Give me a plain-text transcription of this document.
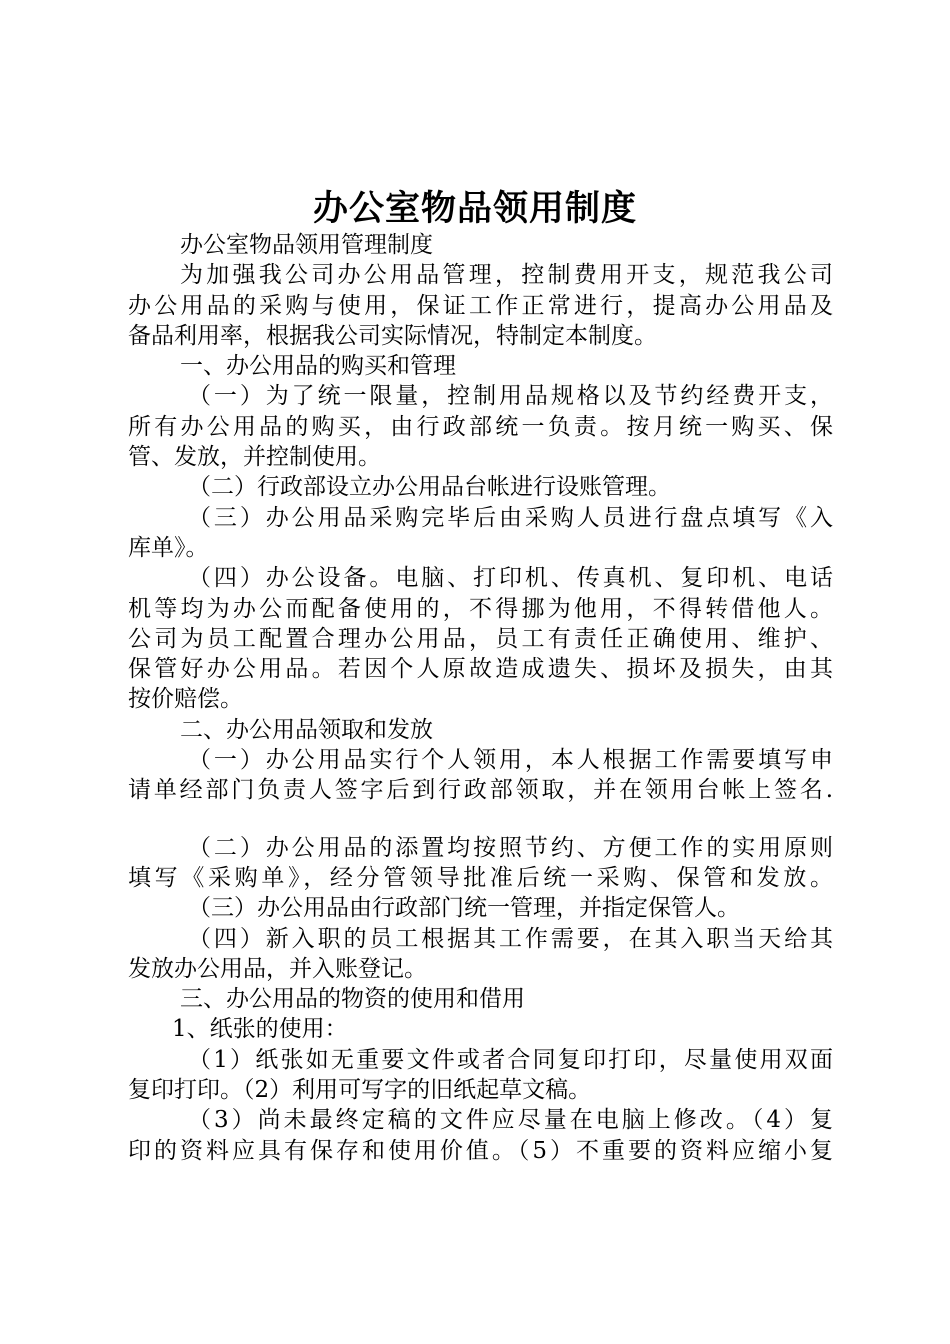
办公室物品领用制度
办公室物品领用管理制度
为加强我公司办公用品管理，控制费用开支，规范我公司
办公用品的采购与使用，保证工作正常进行，提高办公用品及
备品利用率，根据我公司实际情况，特制定本制度。
一、办公用品的购买和管理
（一）为了统一限量，控制用品规格以及节约经费开支，
所有办公用品的购买，由行政部统一负责。按月统一购买、保
管、发放，并控制使用。
（二）行政部设立办公用品台帐进行设账管理。
（三）办公用品采购完毕后由采购人员进行盘点填写《入
库单》。
（四）办公设备。电脑、打印机、传真机、复印机、电话
机等均为办公而配备使用的，不得挪为他用，不得转借他人。
公司为员工配置合理办公用品，员工有责任正确使用、维护、
保管好办公用品。若因个人原故造成遗失、损坏及损失，由其
按价赔偿。
二、办公用品领取和发放
（一）办公用品实行个人领用，本人根据工作需要填写申
请单经部门负责人签字后到行政部领取，并在领用台帐上签名.
（二）办公用品的添置均按照节约、方便工作的实用原则
填写《采购单》，经分管领导批准后统一采购、保管和发放。
（三）办公用品由行政部门统一管理，并指定保管人。
（四）新入职的员工根据其工作需要，在其入职当天给其
发放办公用品，并入账登记。
三、办公用品的物资的使用和借用
1、纸张的使用：
（1）纸张如无重要文件或者合同复印打印，尽量使用双面
复印打印。（2）利用可写字的旧纸起草文稿。
（3）尚未最终定稿的文件应尽量在电脑上修改。（4）复
印的资料应具有保存和使用价值。（5）不重要的资料应缩小复
